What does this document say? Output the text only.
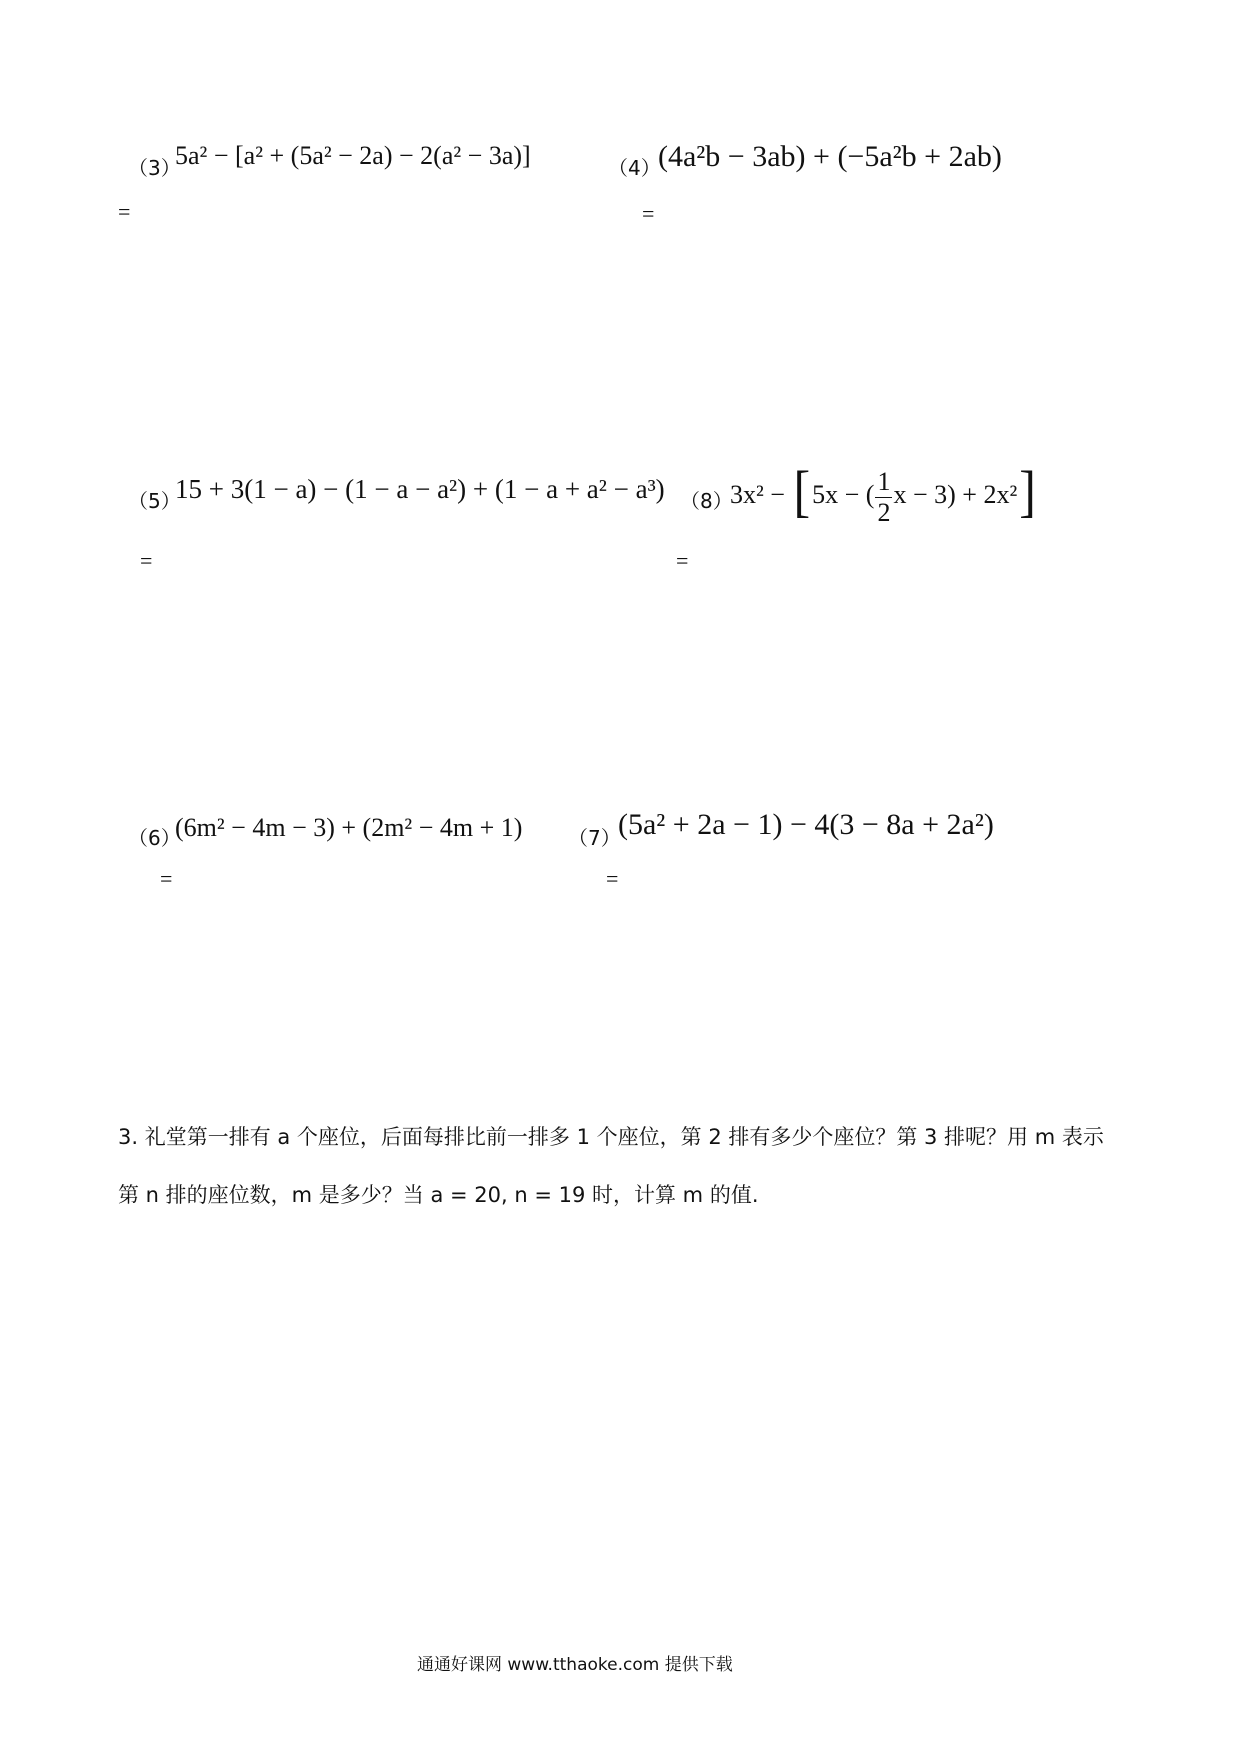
（3）
5a² − [a² + (5a² − 2a) − 2(a² − 3a)]
=
（4）
(4a²b − 3ab) + (−5a²b + 2ab)
=
（5）
15 + 3(1 − a) − (1 − a − a²) + (1 − a + a² − a³)
=
（8）
3x² − [5x − ( $\frac{1}{2}$ x − 3) + 2x²]
=
（6）
(6m² − 4m − 3) + (2m² − 4m + 1)
=
（7）
(5a² + 2a − 1) − 4(3 − 8a + 2a²)
=
3. 礼堂第一排有 a 个座位，后面每排比前一排多 1 个座位，第 2 排有多少个座位？第 3 排呢？用 m 表示第 n 排的座位数，m 是多少？当 a = 20, n = 19 时，计算 m 的值.
通通好课网 www.tthaoke.com 提供下载
